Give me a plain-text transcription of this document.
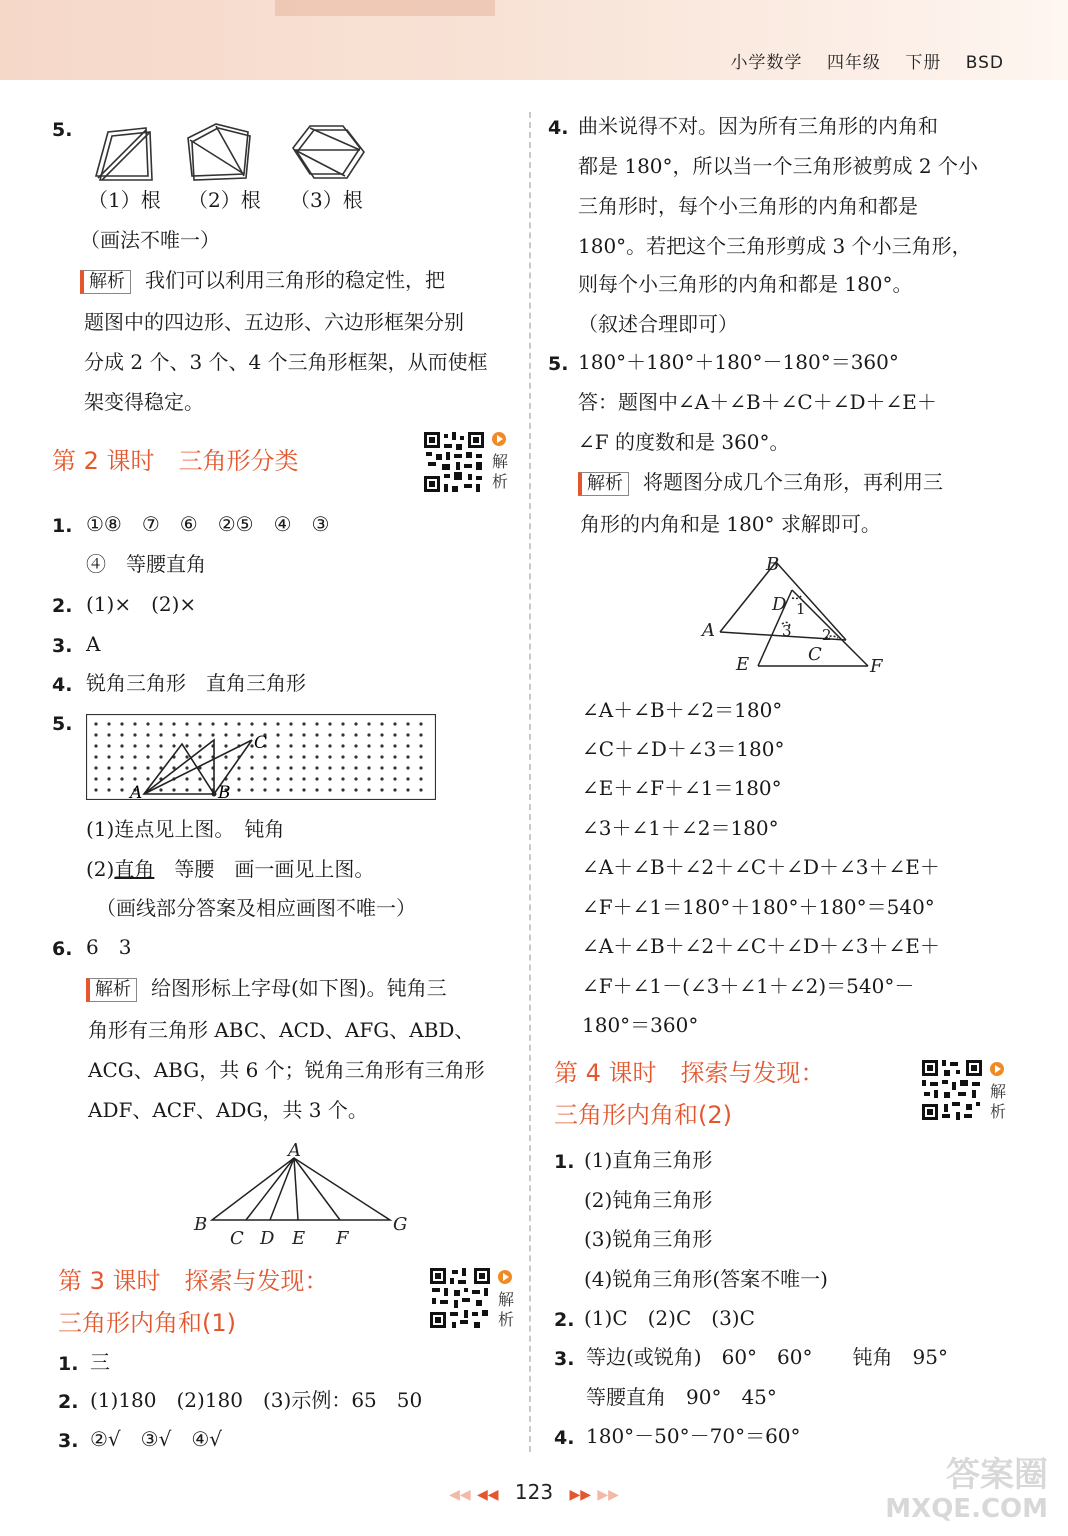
小学数学 四年级 下册 BSD
5.
（1）根 （2）根 （3）根
（画法不唯一）
解析 我们可以利用三角形的稳定性，把
题图中的四边形、五边形、六边形框架分别
分成 2 个、3 个、4 个三角形框架，从而使框
架变得稳定。
第 2 课时　三角形分类	解析
1. ①⑧　⑦　⑥　②⑤　④　③
④　等腰直角
2. (1)×　(2)×
3. A
4. 锐角三角形　直角三角形
5.
A	B
C
(1)连点见上图。　钝角
(2)直角　等腰　画一画见上图。
（画线部分答案及相应画图不唯一）
6. 6　3
解析 给图形标上字母(如下图)。钝角三
角形有三角形 ABC、ACD、AFG、ABD、
ACG、ABG，共 6 个；锐角三角形有三角形
ADF、ACF、ADG，共 3 个。
A
B
C D E F
G
第 3 课时　探索与发现：
三角形内角和(1)
解析
1. 三
2. (1)180　(2)180　(3)示例：65　50
3. ②√　③√　④√
4. 曲米说得不对。因为所有三角形的内角和
都是 180°，所以当一个三角形被剪成 2 个小
三角形时，每个小三角形的内角和都是
180°。若把这个三角形剪成 3 个小三角形，
则每个小三角形的内角和都是 180°。
（叙述合理即可）
5. 180°＋180°＋180°－180°＝360°
答：题图中∠A＋∠B＋∠C＋∠D＋∠E＋
∠F 的度数和是 360°。
解析 将题图分成几个三角形，再利用三
角形的内角和是 180° 求解即可。
B
A
D
C
E	F
1
2
3
∠A＋∠B＋∠2＝180°
∠C＋∠D＋∠3＝180°
∠E＋∠F＋∠1＝180°
∠3＋∠1＋∠2＝180°
∠A＋∠B＋∠2＋∠C＋∠D＋∠3＋∠E＋
∠F＋∠1＝180°＋180°＋180°＝540°
∠A＋∠B＋∠2＋∠C＋∠D＋∠3＋∠E＋
∠F＋∠1－(∠3＋∠1＋∠2)＝540°－
180°＝360°
第 4 课时　探索与发现：
三角形内角和(2)
解析
1. (1)直角三角形
(2)钝角三角形
(3)锐角三角形
(4)锐角三角形(答案不唯一)
2. (1)C　(2)C　(3)C
3. 等边(或锐角)　60°　60°　　钝角　95°
等腰直角　90°　45°
4. 180°－50°－70°＝60°
◀◀ ◀◀ 123 ▶▶ ▶▶	答案圈
MXQE.COM
